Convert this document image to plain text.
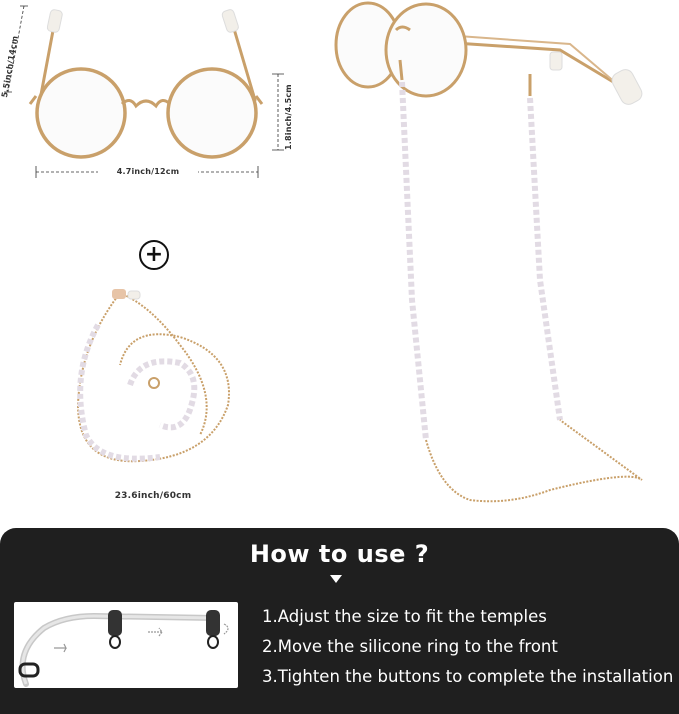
5.5inch/14cm
1.8inch/4.5cm
4.7inch/12cm
+
23.6inch/60cm
How to use ?
1.Adjust the size to fit the temples
2.Move the silicone ring to the front
3.Tighten the buttons to complete the installation
